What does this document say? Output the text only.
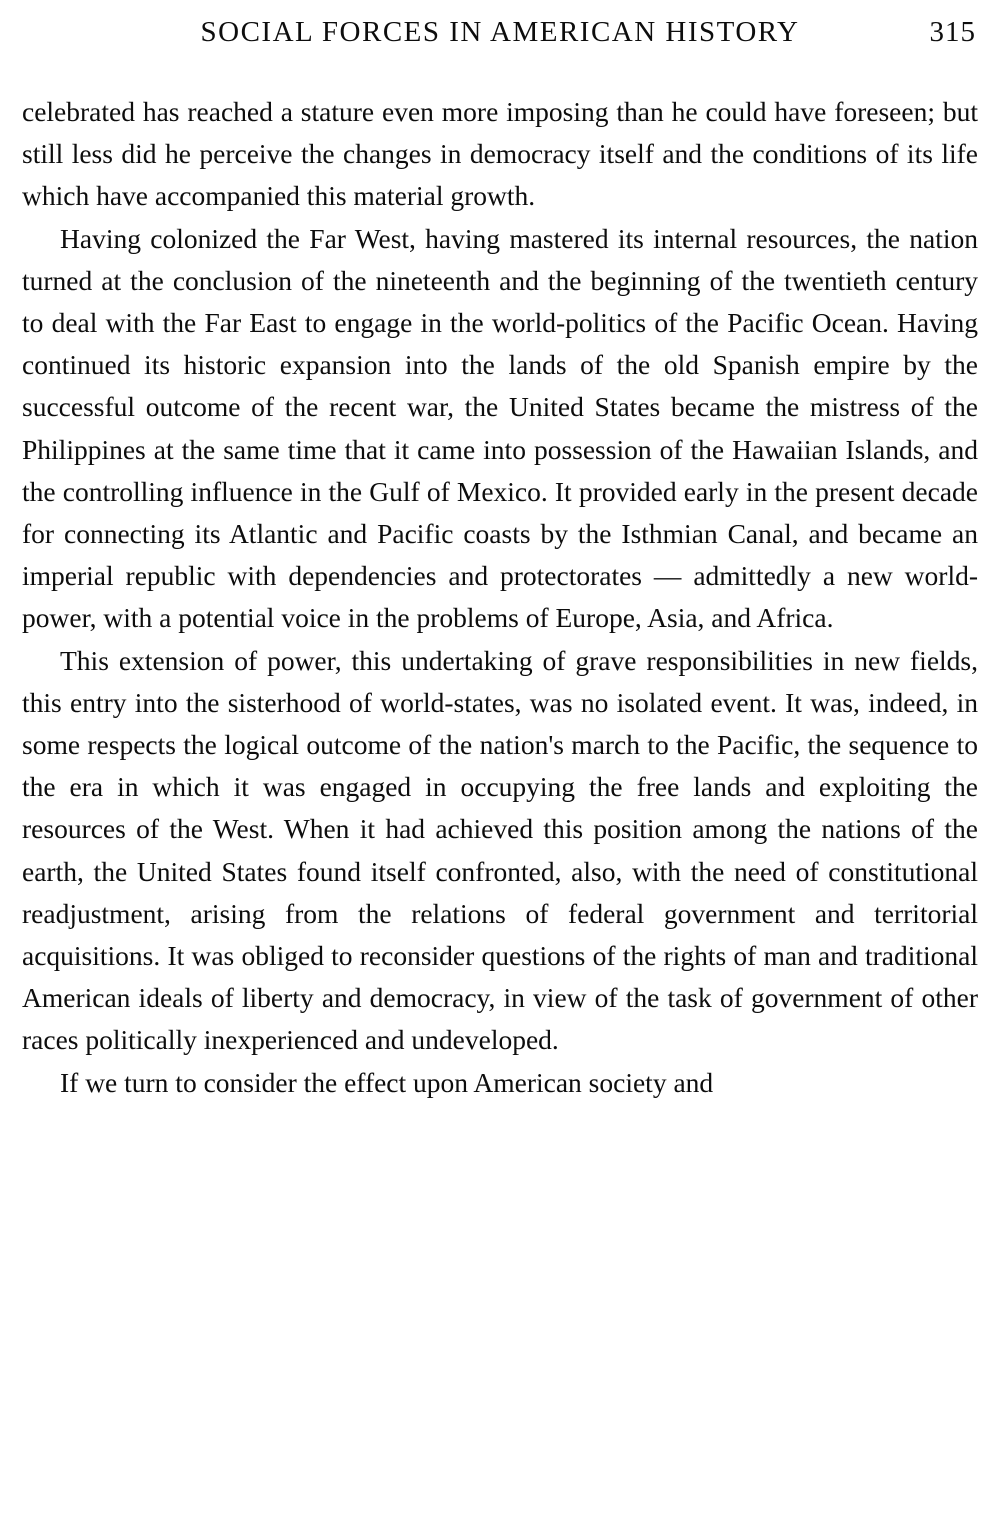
SOCIAL FORCES IN AMERICAN HISTORY	315

celebrated has reached a stature even more imposing than he could have foreseen; but still less did he perceive the changes in democracy itself and the conditions of its life which have accompanied this material growth.

Having colonized the Far West, having mastered its internal resources, the nation turned at the conclusion of the nineteenth and the beginning of the twentieth century to deal with the Far East to engage in the world-politics of the Pacific Ocean. Having continued its historic expansion into the lands of the old Spanish empire by the successful outcome of the recent war, the United States became the mistress of the Philippines at the same time that it came into possession of the Hawaiian Islands, and the controlling influence in the Gulf of Mexico. It provided early in the present decade for connecting its Atlantic and Pacific coasts by the Isthmian Canal, and became an imperial republic with dependencies and protectorates — admittedly a new world-power, with a potential voice in the problems of Europe, Asia, and Africa.

This extension of power, this undertaking of grave responsibilities in new fields, this entry into the sisterhood of world-states, was no isolated event. It was, indeed, in some respects the logical outcome of the nation's march to the Pacific, the sequence to the era in which it was engaged in occupying the free lands and exploiting the resources of the West. When it had achieved this position among the nations of the earth, the United States found itself confronted, also, with the need of constitutional readjustment, arising from the relations of federal government and territorial acquisitions. It was obliged to reconsider questions of the rights of man and traditional American ideals of liberty and democracy, in view of the task of government of other races politically inexperienced and undeveloped.

If we turn to consider the effect upon American society and
